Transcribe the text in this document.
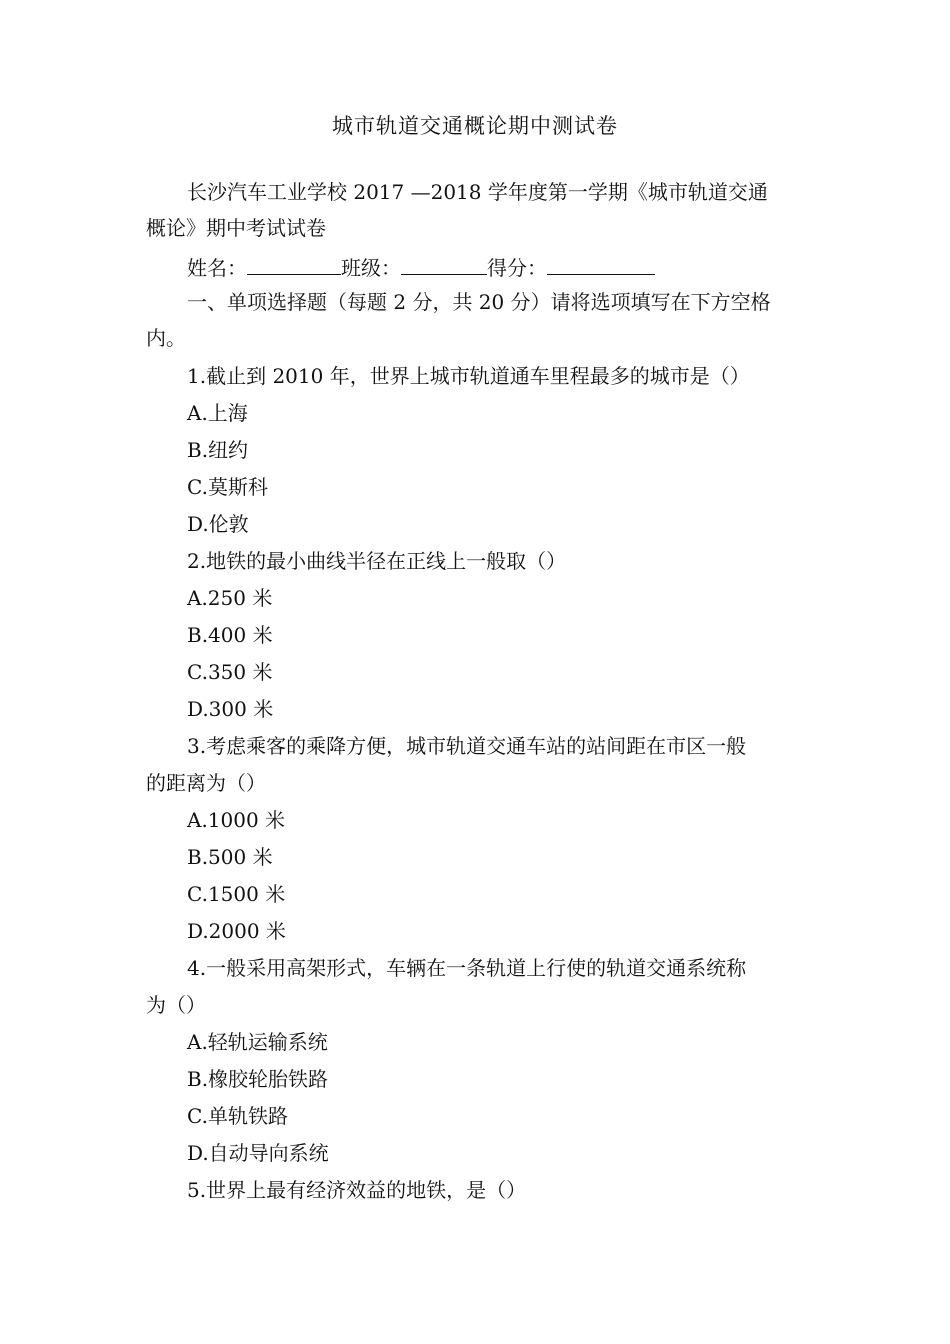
城市轨道交通概论期中测试卷
长沙汽车工业学校 2017 —2018 学年度第一学期《城市轨道交通
概论》期中考试试卷
姓名：	班级：	得分：
一、单项选择题（每题 2 分，共 20 分）请将选项填写在下方空格
内。
1.截止到 2010 年，世界上城市轨道通车里程最多的城市是（）
A.上海
B.纽约
C.莫斯科
D.伦敦
2.地铁的最小曲线半径在正线上一般取（）
A.250 米
B.400 米
C.350 米
D.300 米
3.考虑乘客的乘降方便，城市轨道交通车站的站间距在市区一般
的距离为（）
A.1000 米
B.500 米
C.1500 米
D.2000 米
4.一般采用高架形式，车辆在一条轨道上行使的轨道交通系统称
为（）
A.轻轨运输系统
B.橡胶轮胎铁路
C.单轨铁路
D.自动导向系统
5.世界上最有经济效益的地铁，是（）
